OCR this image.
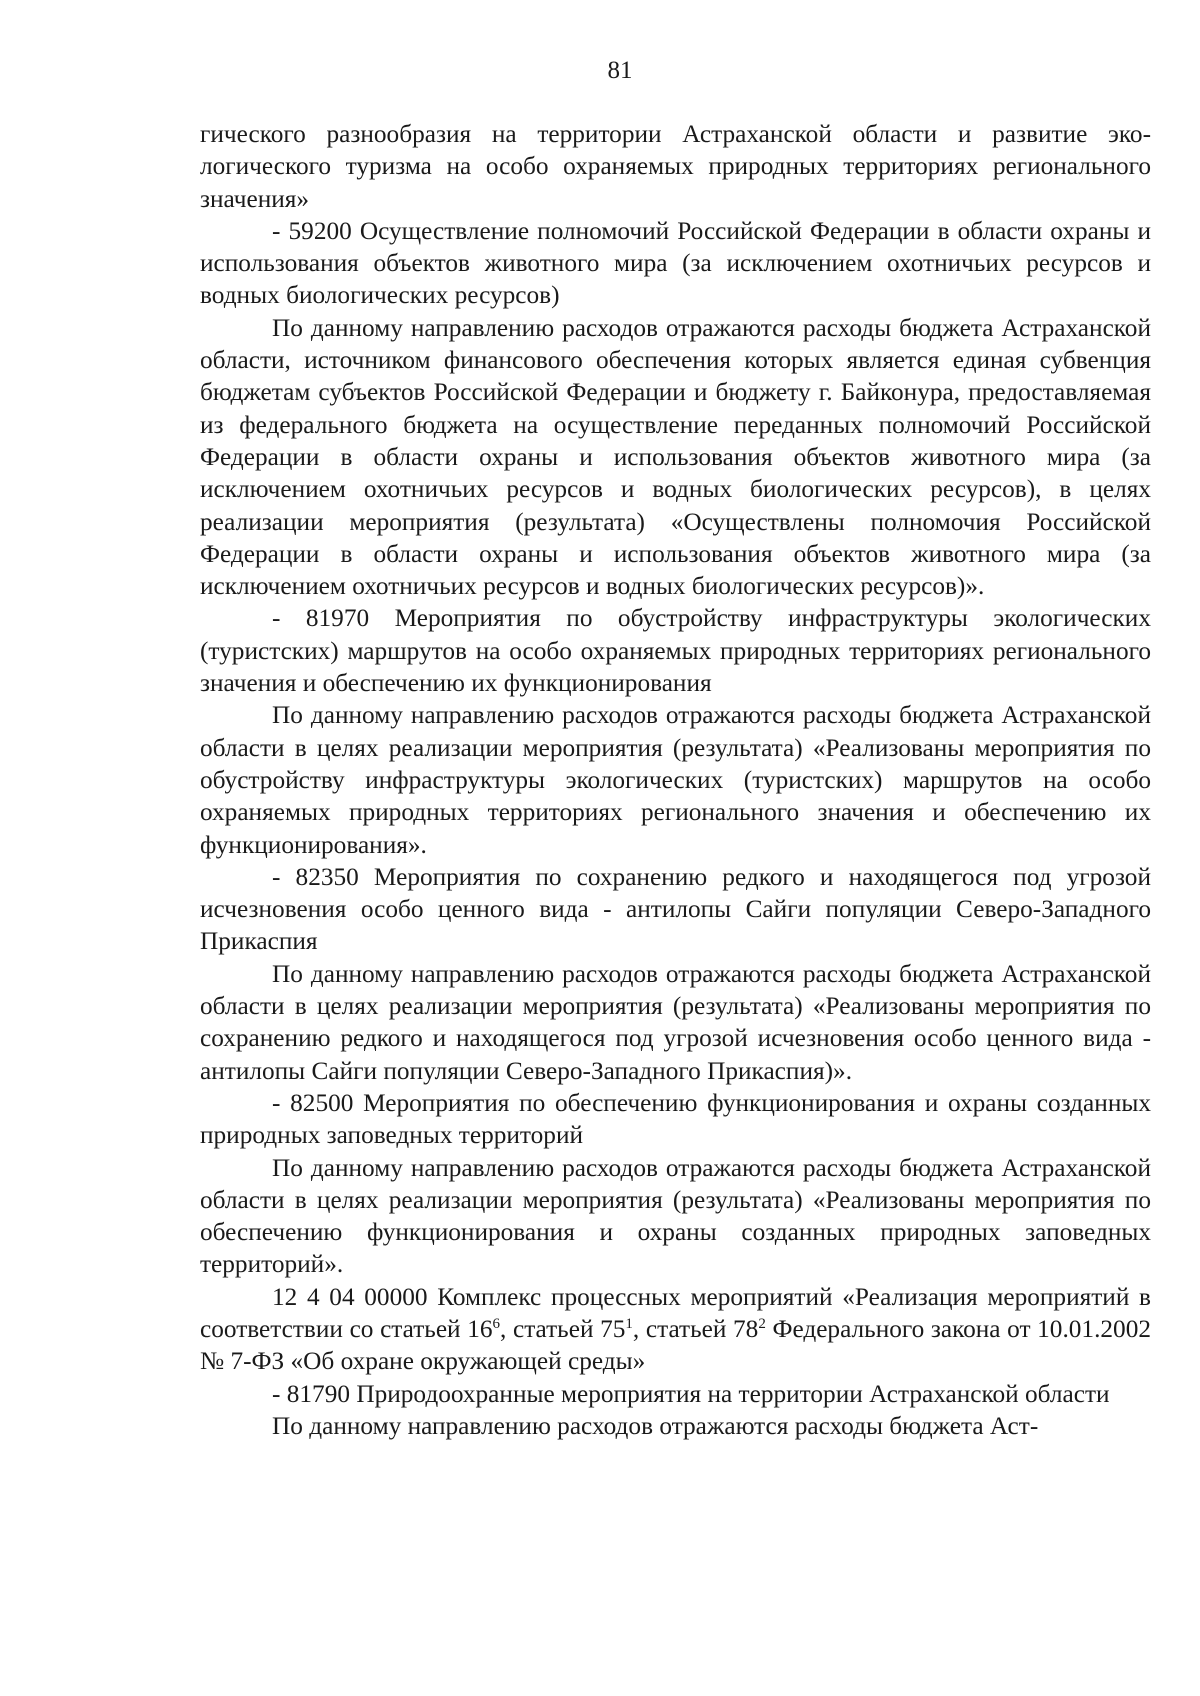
81

гического разнообразия на территории Астраханской области и развитие экологического туризма на особо охраняемых природных территориях регионального значения»

- 59200 Осуществление полномочий Российской Федерации в области охраны и использования объектов животного мира (за исключением охотничьих ресурсов и водных биологических ресурсов)

По данному направлению расходов отражаются расходы бюджета Астраханской области, источником финансового обеспечения которых является единая субвенция бюджетам субъектов Российской Федерации и бюджету г. Байконура, предоставляемая из федерального бюджета на осуществление переданных полномочий Российской Федерации в области охраны и использования объектов животного мира (за исключением охотничьих ресурсов и водных биологических ресурсов), в целях реализации мероприятия (результата) «Осуществлены полномочия Российской Федерации в области охраны и использования объектов животного мира (за исключением охотничьих ресурсов и водных биологических ресурсов)».

- 81970 Мероприятия по обустройству инфраструктуры экологических (туристских) маршрутов на особо охраняемых природных территориях регионального значения и обеспечению их функционирования

По данному направлению расходов отражаются расходы бюджета Астраханской области в целях реализации мероприятия (результата) «Реализованы мероприятия по обустройству инфраструктуры экологических (туристских) маршрутов на особо охраняемых природных территориях регионального значения и обеспечению их функционирования».

- 82350 Мероприятия по сохранению редкого и находящегося под угрозой исчезновения особо ценного вида - антилопы Сайги популяции Северо-Западного Прикаспия

По данному направлению расходов отражаются расходы бюджета Астраханской области в целях реализации мероприятия (результата) «Реализованы мероприятия по сохранению редкого и находящегося под угрозой исчезновения особо ценного вида - антилопы Сайги популяции Северо-Западного Прикаспия)».

- 82500 Мероприятия по обеспечению функционирования и охраны созданных природных заповедных территорий

По данному направлению расходов отражаются расходы бюджета Астраханской области в целях реализации мероприятия (результата) «Реализованы мероприятия по обеспечению функционирования и охраны созданных природных заповедных территорий».

12 4 04 00000 Комплекс процессных мероприятий «Реализация мероприятий в соответствии со статьей $16^6$, статьей $75^1$, статьей $78^2$ Федерального закона от 10.01.2002 № 7-ФЗ «Об охране окружающей среды»

- 81790 Природоохранные мероприятия на территории Астраханской области

По данному направлению расходов отражаются расходы бюджета Аст-
